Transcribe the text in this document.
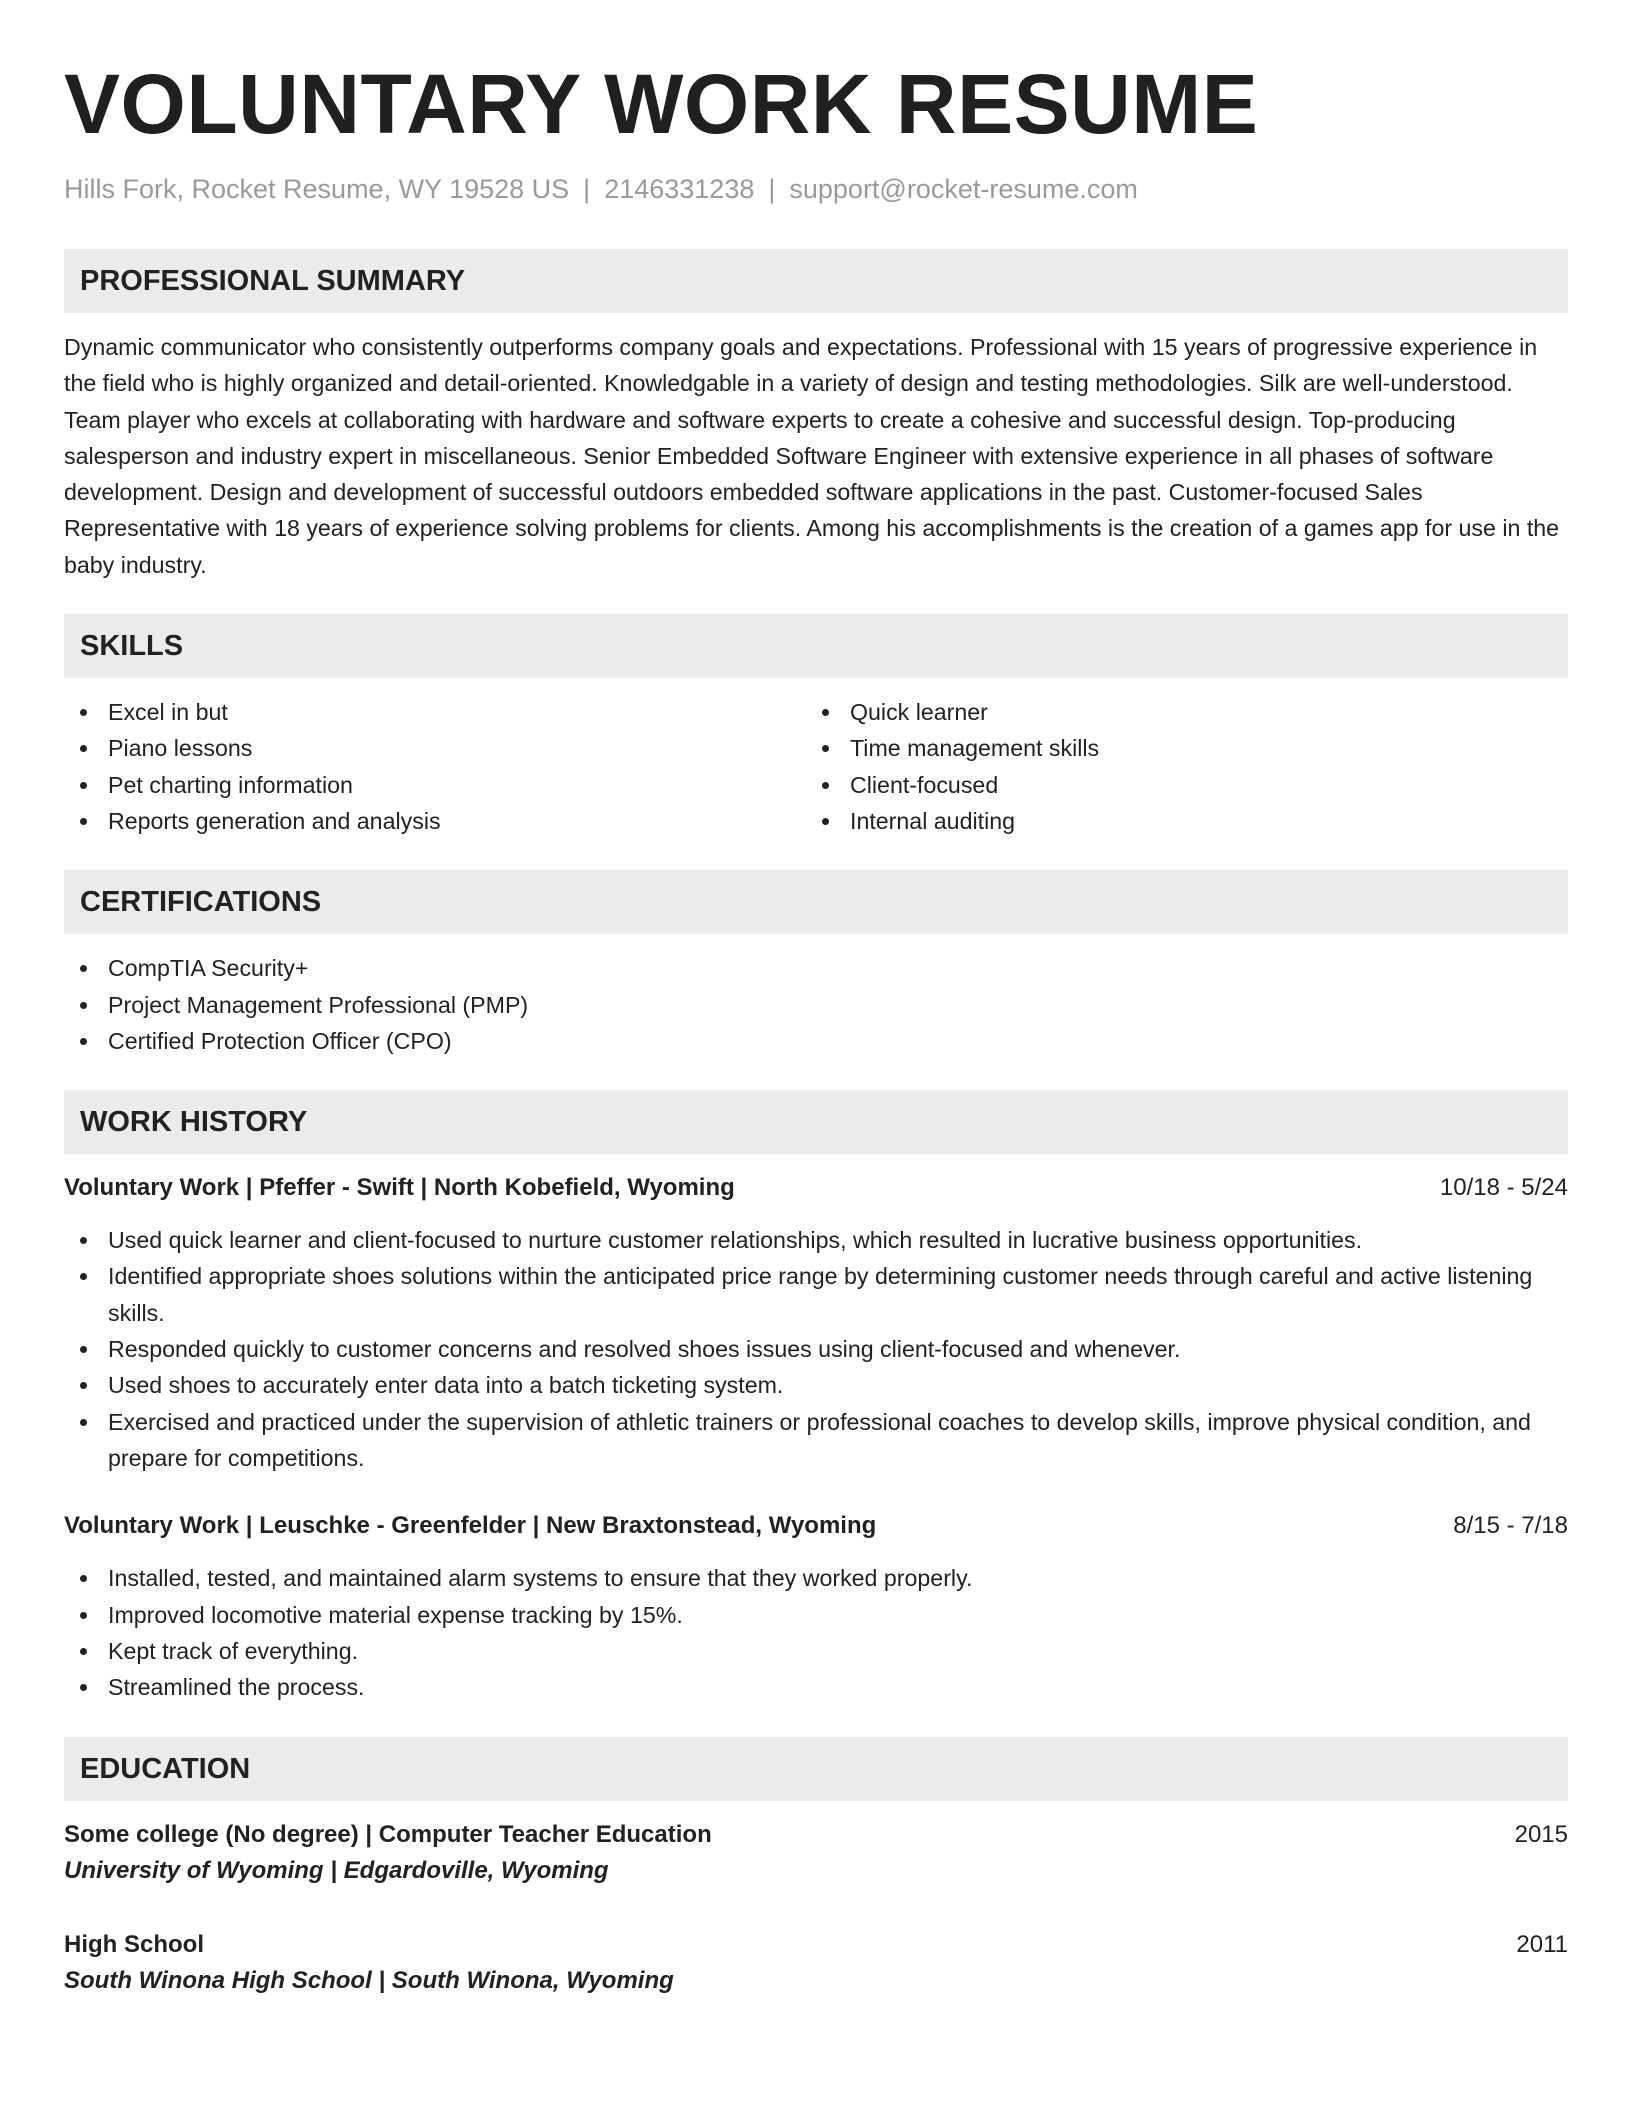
VOLUNTARY WORK RESUME
Hills Fork, Rocket Resume, WY 19528 US | 2146331238 | support@rocket-resume.com
PROFESSIONAL SUMMARY
Dynamic communicator who consistently outperforms company goals and expectations. Professional with 15 years of progressive experience in the field who is highly organized and detail-oriented. Knowledgable in a variety of design and testing methodologies. Silk are well-understood. Team player who excels at collaborating with hardware and software experts to create a cohesive and successful design. Top-producing salesperson and industry expert in miscellaneous. Senior Embedded Software Engineer with extensive experience in all phases of software development. Design and development of successful outdoors embedded software applications in the past. Customer-focused Sales Representative with 18 years of experience solving problems for clients. Among his accomplishments is the creation of a games app for use in the baby industry.
SKILLS
Excel in but
Piano lessons
Pet charting information
Reports generation and analysis
Quick learner
Time management skills
Client-focused
Internal auditing
CERTIFICATIONS
CompTIA Security+
Project Management Professional (PMP)
Certified Protection Officer (CPO)
WORK HISTORY
Voluntary Work | Pfeffer - Swift | North Kobefield, Wyoming	10/18 - 5/24
Used quick learner and client-focused to nurture customer relationships, which resulted in lucrative business opportunities.
Identified appropriate shoes solutions within the anticipated price range by determining customer needs through careful and active listening skills.
Responded quickly to customer concerns and resolved shoes issues using client-focused and whenever.
Used shoes to accurately enter data into a batch ticketing system.
Exercised and practiced under the supervision of athletic trainers or professional coaches to develop skills, improve physical condition, and prepare for competitions.
Voluntary Work | Leuschke - Greenfelder | New Braxtonstead, Wyoming	8/15 - 7/18
Installed, tested, and maintained alarm systems to ensure that they worked properly.
Improved locomotive material expense tracking by 15%.
Kept track of everything.
Streamlined the process.
EDUCATION
Some college (No degree) | Computer Teacher Education	2015
University of Wyoming | Edgardoville, Wyoming
High School	2011
South Winona High School | South Winona, Wyoming
